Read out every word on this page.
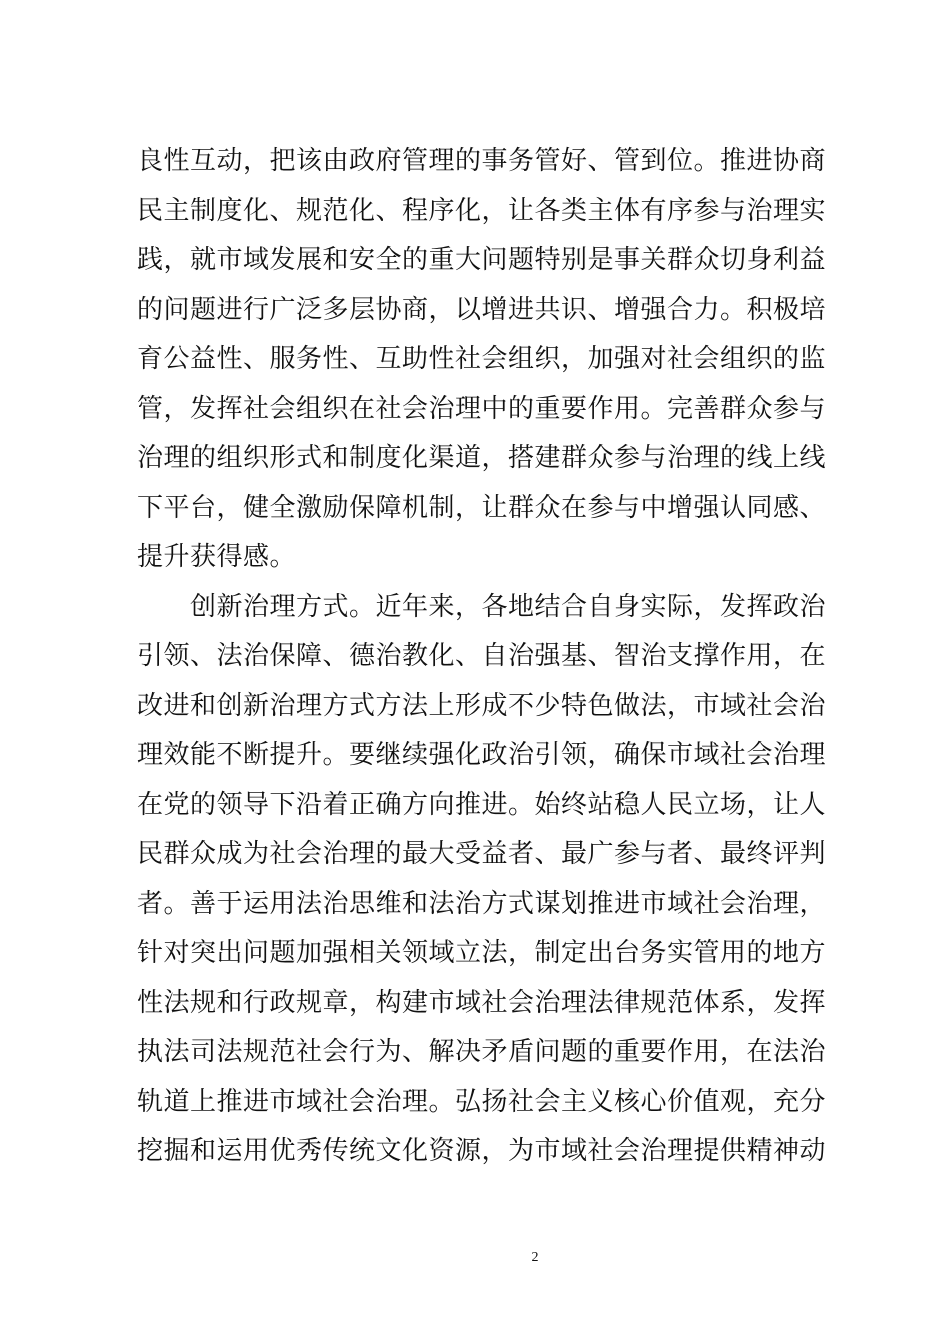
良性互动，把该由政府管理的事务管好、管到位。推进协商
民主制度化、规范化、程序化，让各类主体有序参与治理实
践，就市域发展和安全的重大问题特别是事关群众切身利益
的问题进行广泛多层协商，以增进共识、增强合力。积极培
育公益性、服务性、互助性社会组织，加强对社会组织的监
管，发挥社会组织在社会治理中的重要作用。完善群众参与
治理的组织形式和制度化渠道，搭建群众参与治理的线上线
下平台，健全激励保障机制，让群众在参与中增强认同感、
提升获得感。
　　创新治理方式。近年来，各地结合自身实际，发挥政治
引领、法治保障、德治教化、自治强基、智治支撑作用，在
改进和创新治理方式方法上形成不少特色做法，市域社会治
理效能不断提升。要继续强化政治引领，确保市域社会治理
在党的领导下沿着正确方向推进。始终站稳人民立场，让人
民群众成为社会治理的最大受益者、最广参与者、最终评判
者。善于运用法治思维和法治方式谋划推进市域社会治理，
针对突出问题加强相关领域立法，制定出台务实管用的地方
性法规和行政规章，构建市域社会治理法律规范体系，发挥
执法司法规范社会行为、解决矛盾问题的重要作用，在法治
轨道上推进市域社会治理。弘扬社会主义核心价值观，充分
挖掘和运用优秀传统文化资源，为市域社会治理提供精神动
2
